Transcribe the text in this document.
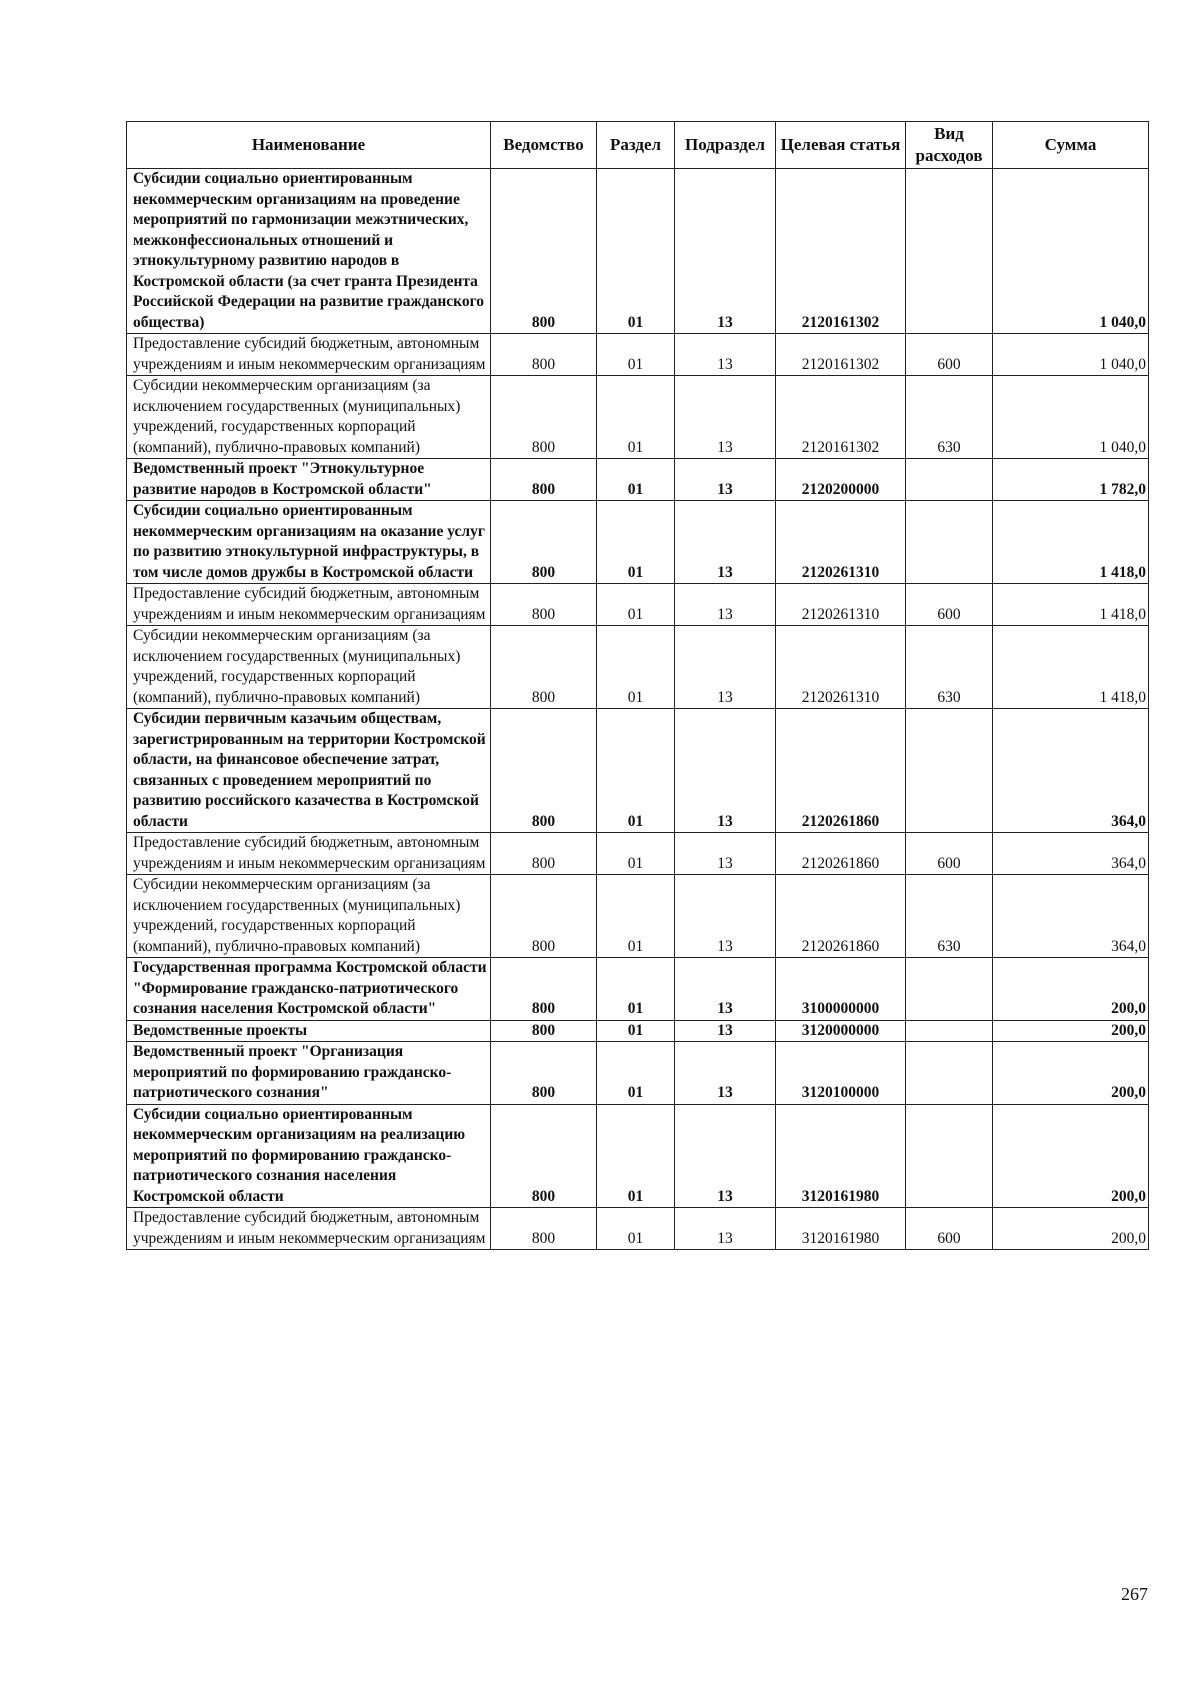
Наименование	Ведомство	Раздел	Подраздел	Целевая статья	Вид расходов	Сумма
Субсидии социально ориентированным некоммерческим организациям на проведение мероприятий по гармонизации межэтнических, межконфессиональных отношений и этнокультурному развитию народов в Костромской области (за счет гранта Президента Российской Федерации на развитие гражданского общества)	800	01	13	2120161302		1 040,0
Предоставление субсидий бюджетным, автономным учреждениям и иным некоммерческим организациям	800	01	13	2120161302	600	1 040,0
Субсидии некоммерческим организациям (за исключением государственных (муниципальных) учреждений, государственных корпораций (компаний), публично-правовых компаний)	800	01	13	2120161302	630	1 040,0
Ведомственный проект "Этнокультурное развитие народов в Костромской области"	800	01	13	2120200000		1 782,0
Субсидии социально ориентированным некоммерческим организациям на оказание услуг по развитию этнокультурной инфраструктуры, в том числе домов дружбы в Костромской области	800	01	13	2120261310		1 418,0
Предоставление субсидий бюджетным, автономным учреждениям и иным некоммерческим организациям	800	01	13	2120261310	600	1 418,0
Субсидии некоммерческим организациям (за исключением государственных (муниципальных) учреждений, государственных корпораций (компаний), публично-правовых компаний)	800	01	13	2120261310	630	1 418,0
Субсидии первичным казачьим обществам, зарегистрированным на территории Костромской области, на финансовое обеспечение затрат, связанных с проведением мероприятий по развитию российского казачества в Костромской области	800	01	13	2120261860		364,0
Предоставление субсидий бюджетным, автономным учреждениям и иным некоммерческим организациям	800	01	13	2120261860	600	364,0
Субсидии некоммерческим организациям (за исключением государственных (муниципальных) учреждений, государственных корпораций (компаний), публично-правовых компаний)	800	01	13	2120261860	630	364,0
Государственная программа Костромской области "Формирование гражданско-патриотического сознания населения Костромской области"	800	01	13	3100000000		200,0
Ведомственные проекты	800	01	13	3120000000		200,0
Ведомственный проект "Организация мероприятий по формированию гражданско-патриотического сознания"	800	01	13	3120100000		200,0
Субсидии социально ориентированным некоммерческим организациям на реализацию мероприятий по формированию гражданско-патриотического сознания населения Костромской области	800	01	13	3120161980		200,0
Предоставление субсидий бюджетным, автономным учреждениям и иным некоммерческим организациям	800	01	13	3120161980	600	200,0
267
